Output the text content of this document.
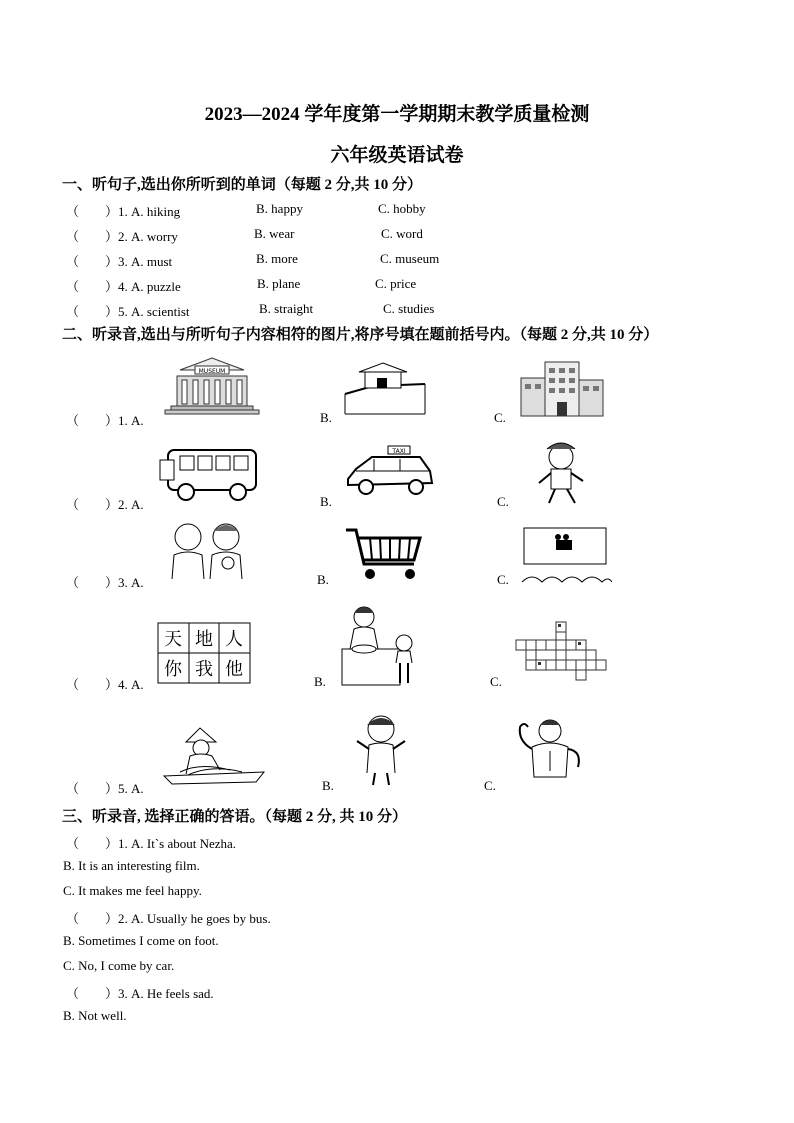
2023—2024 学年度第一学期期末教学质量检测
六年级英语试卷
一、听句子,选出你所听到的单词（每题 2 分,共 10 分）
（　　）1. A. hiking	B. happy	C. hobby
（　　）2. A. worry	B. wear	C. word
（　　）3. A. must	B. more	C. museum
（　　）4. A. puzzle	B. plane	C. price
（　　）5. A. scientist	B. straight	C. studies
二、听录音,选出与所听句子内容相符的图片,将序号填在题前括号内。（每题 2 分,共 10 分）
（　　）1. A.	B.	C.
MUSEUM
（　　）2. A.	B.	C.
TAXI
（　　）3. A.	B.	C.
（　　）4. A.	B.	C.
天 地 人
你 我 他
（　　）5. A.	B.	C.
三、听录音, 选择正确的答语。（每题 2 分, 共 10 分）
（　　）1. A. It`s about Nezha.
B. It is an interesting film.
C. It makes me feel happy.
（　　）2. A. Usually he goes by bus.
B. Sometimes I come on foot.
C. No, I come by car.
（　　）3. A. He feels sad.
B. Not well.
